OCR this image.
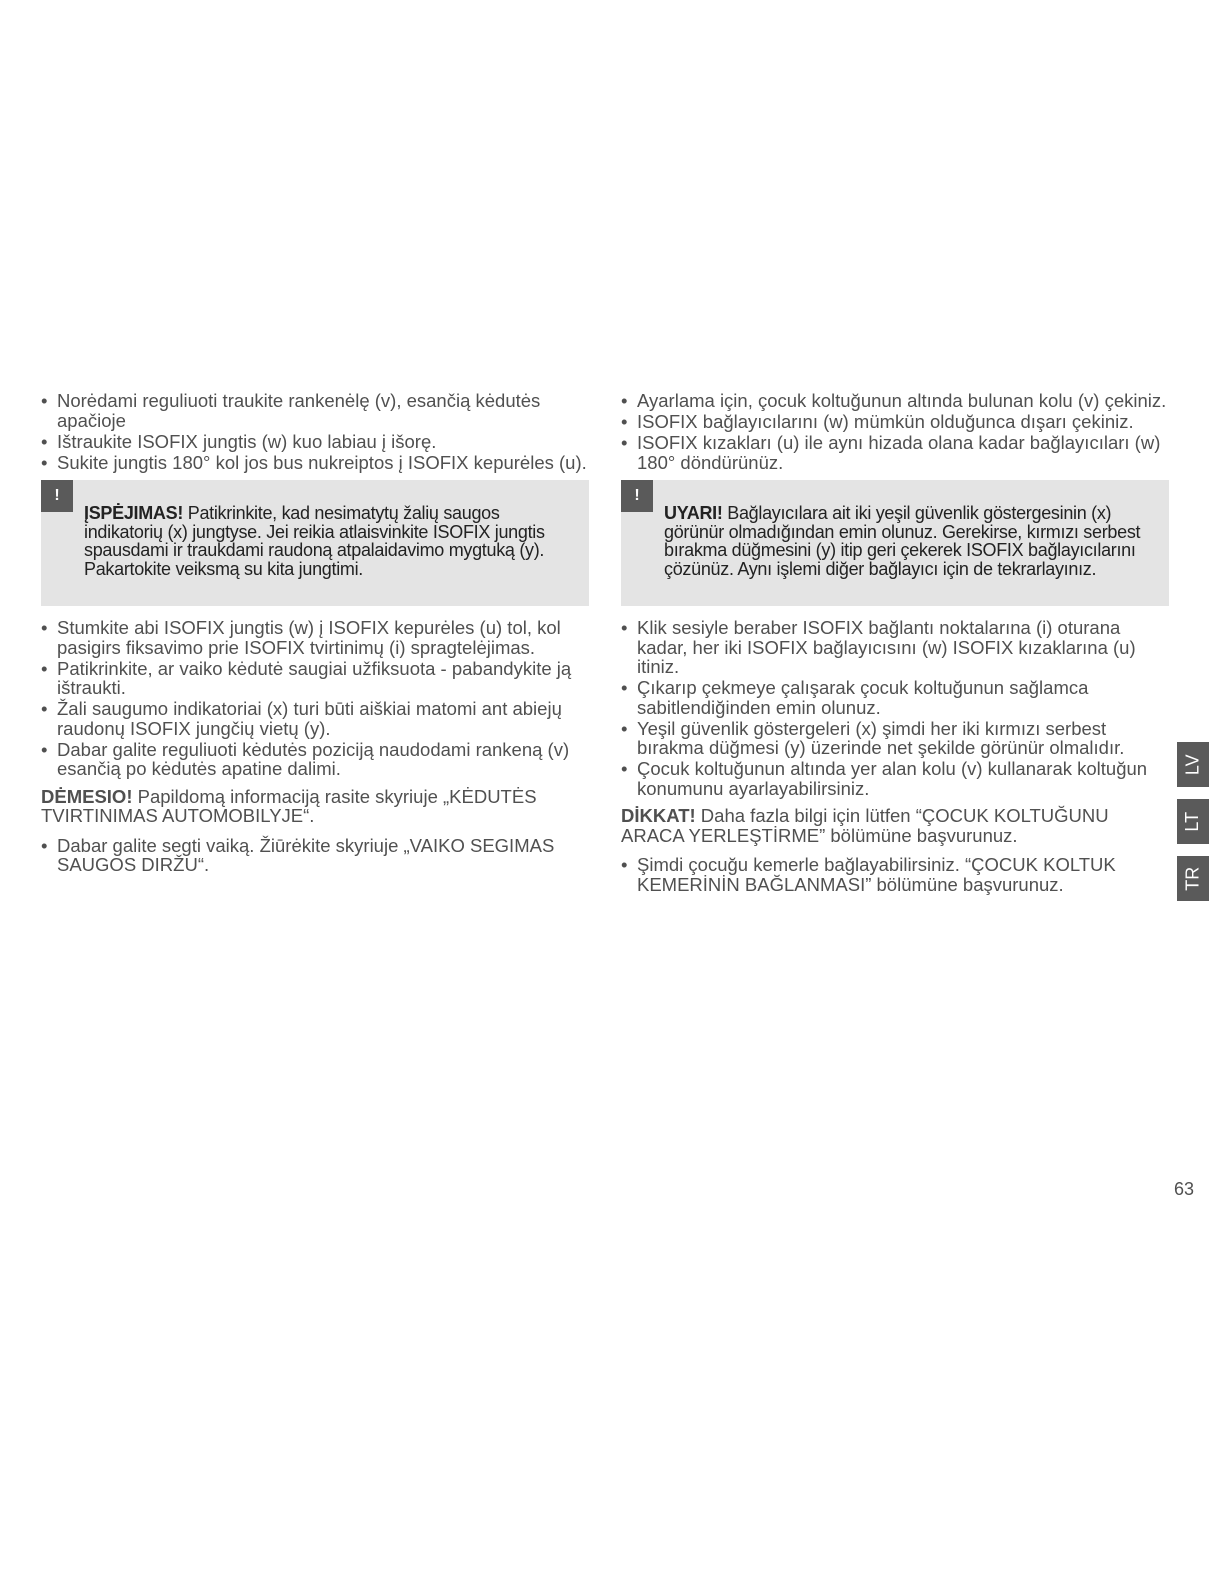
• Norėdami reguliuoti traukite rankenėlę (v), esančią kėdutės apačioje
• Ištraukite ISOFIX jungtis (w) kuo labiau į išorę.
• Sukite jungtis 180° kol jos bus nukreiptos į ISOFIX kepurėles (u).
!
ĮSPĖJIMAS! Patikrinkite, kad nesimatytų žalių saugos indikatorių (x) jungtyse. Jei reikia atlaisvinkite ISOFIX jungtis spausdami ir traukdami raudoną atpalaidavimo mygtuką (y). Pakartokite veiksmą su kita jungtimi.
• Stumkite abi ISOFIX jungtis (w) į ISOFIX kepurėles (u) tol, kol pasigirs fiksavimo prie ISOFIX tvirtinimų (i) spragtelėjimas.
• Patikrinkite, ar vaiko kėdutė saugiai užfiksuota - pabandykite ją ištraukti.
• Žali saugumo indikatoriai (x) turi būti aiškiai matomi ant abiejų raudonų ISOFIX jungčių vietų (y).
• Dabar galite reguliuoti kėdutės poziciją naudodami rankeną (v) esančią po kėdutės apatine dalimi.

DĖMESIO! Papildomą informaciją rasite skyriuje „KĖDUTĖS TVIRTINIMAS AUTOMOBILYJE“.

• Dabar galite segti vaiką. Žiūrėkite skyriuje „VAIKO SEGIMAS SAUGOS DIRŽU“.
• Ayarlama için, çocuk koltuğunun altında bulunan kolu (v) çekiniz.
• ISOFIX bağlayıcılarını (w) mümkün olduğunca dışarı çekiniz.
• ISOFIX kızakları (u) ile aynı hizada olana kadar bağlayıcıları (w) 180° döndürünüz.
!
UYARI! Bağlayıcılara ait iki yeşil güvenlik göstergesinin (x) görünür olmadığından emin olunuz. Gerekirse, kırmızı serbest bırakma düğmesini (y) itip geri çekerek ISOFIX bağlayıcılarını çözünüz. Aynı işlemi diğer bağlayıcı için de tekrarlayınız.
• Klik sesiyle beraber ISOFIX bağlantı noktalarına (i) oturana kadar, her iki ISOFIX bağlayıcısını (w) ISOFIX kızaklarına (u) itiniz.
• Çıkarıp çekmeye çalışarak çocuk koltuğunun sağlamca sabitlendiğinden emin olunuz.
• Yeşil güvenlik göstergeleri (x) şimdi her iki kırmızı serbest bırakma düğmesi (y) üzerinde net şekilde görünür olmalıdır.
• Çocuk koltuğunun altında yer alan kolu (v) kullanarak koltuğun konumunu ayarlayabilirsiniz.

DİKKAT! Daha fazla bilgi için lütfen “ÇOCUK KOLTUĞUNU ARACA YERLEŞTİRME” bölümüne başvurunuz.

• Şimdi çocuğu kemerle bağlayabilirsiniz. “ÇOCUK KOLTUK KEMERİNİN BAĞLANMASI” bölümüne başvurunuz.
LV
LT
TR
63
